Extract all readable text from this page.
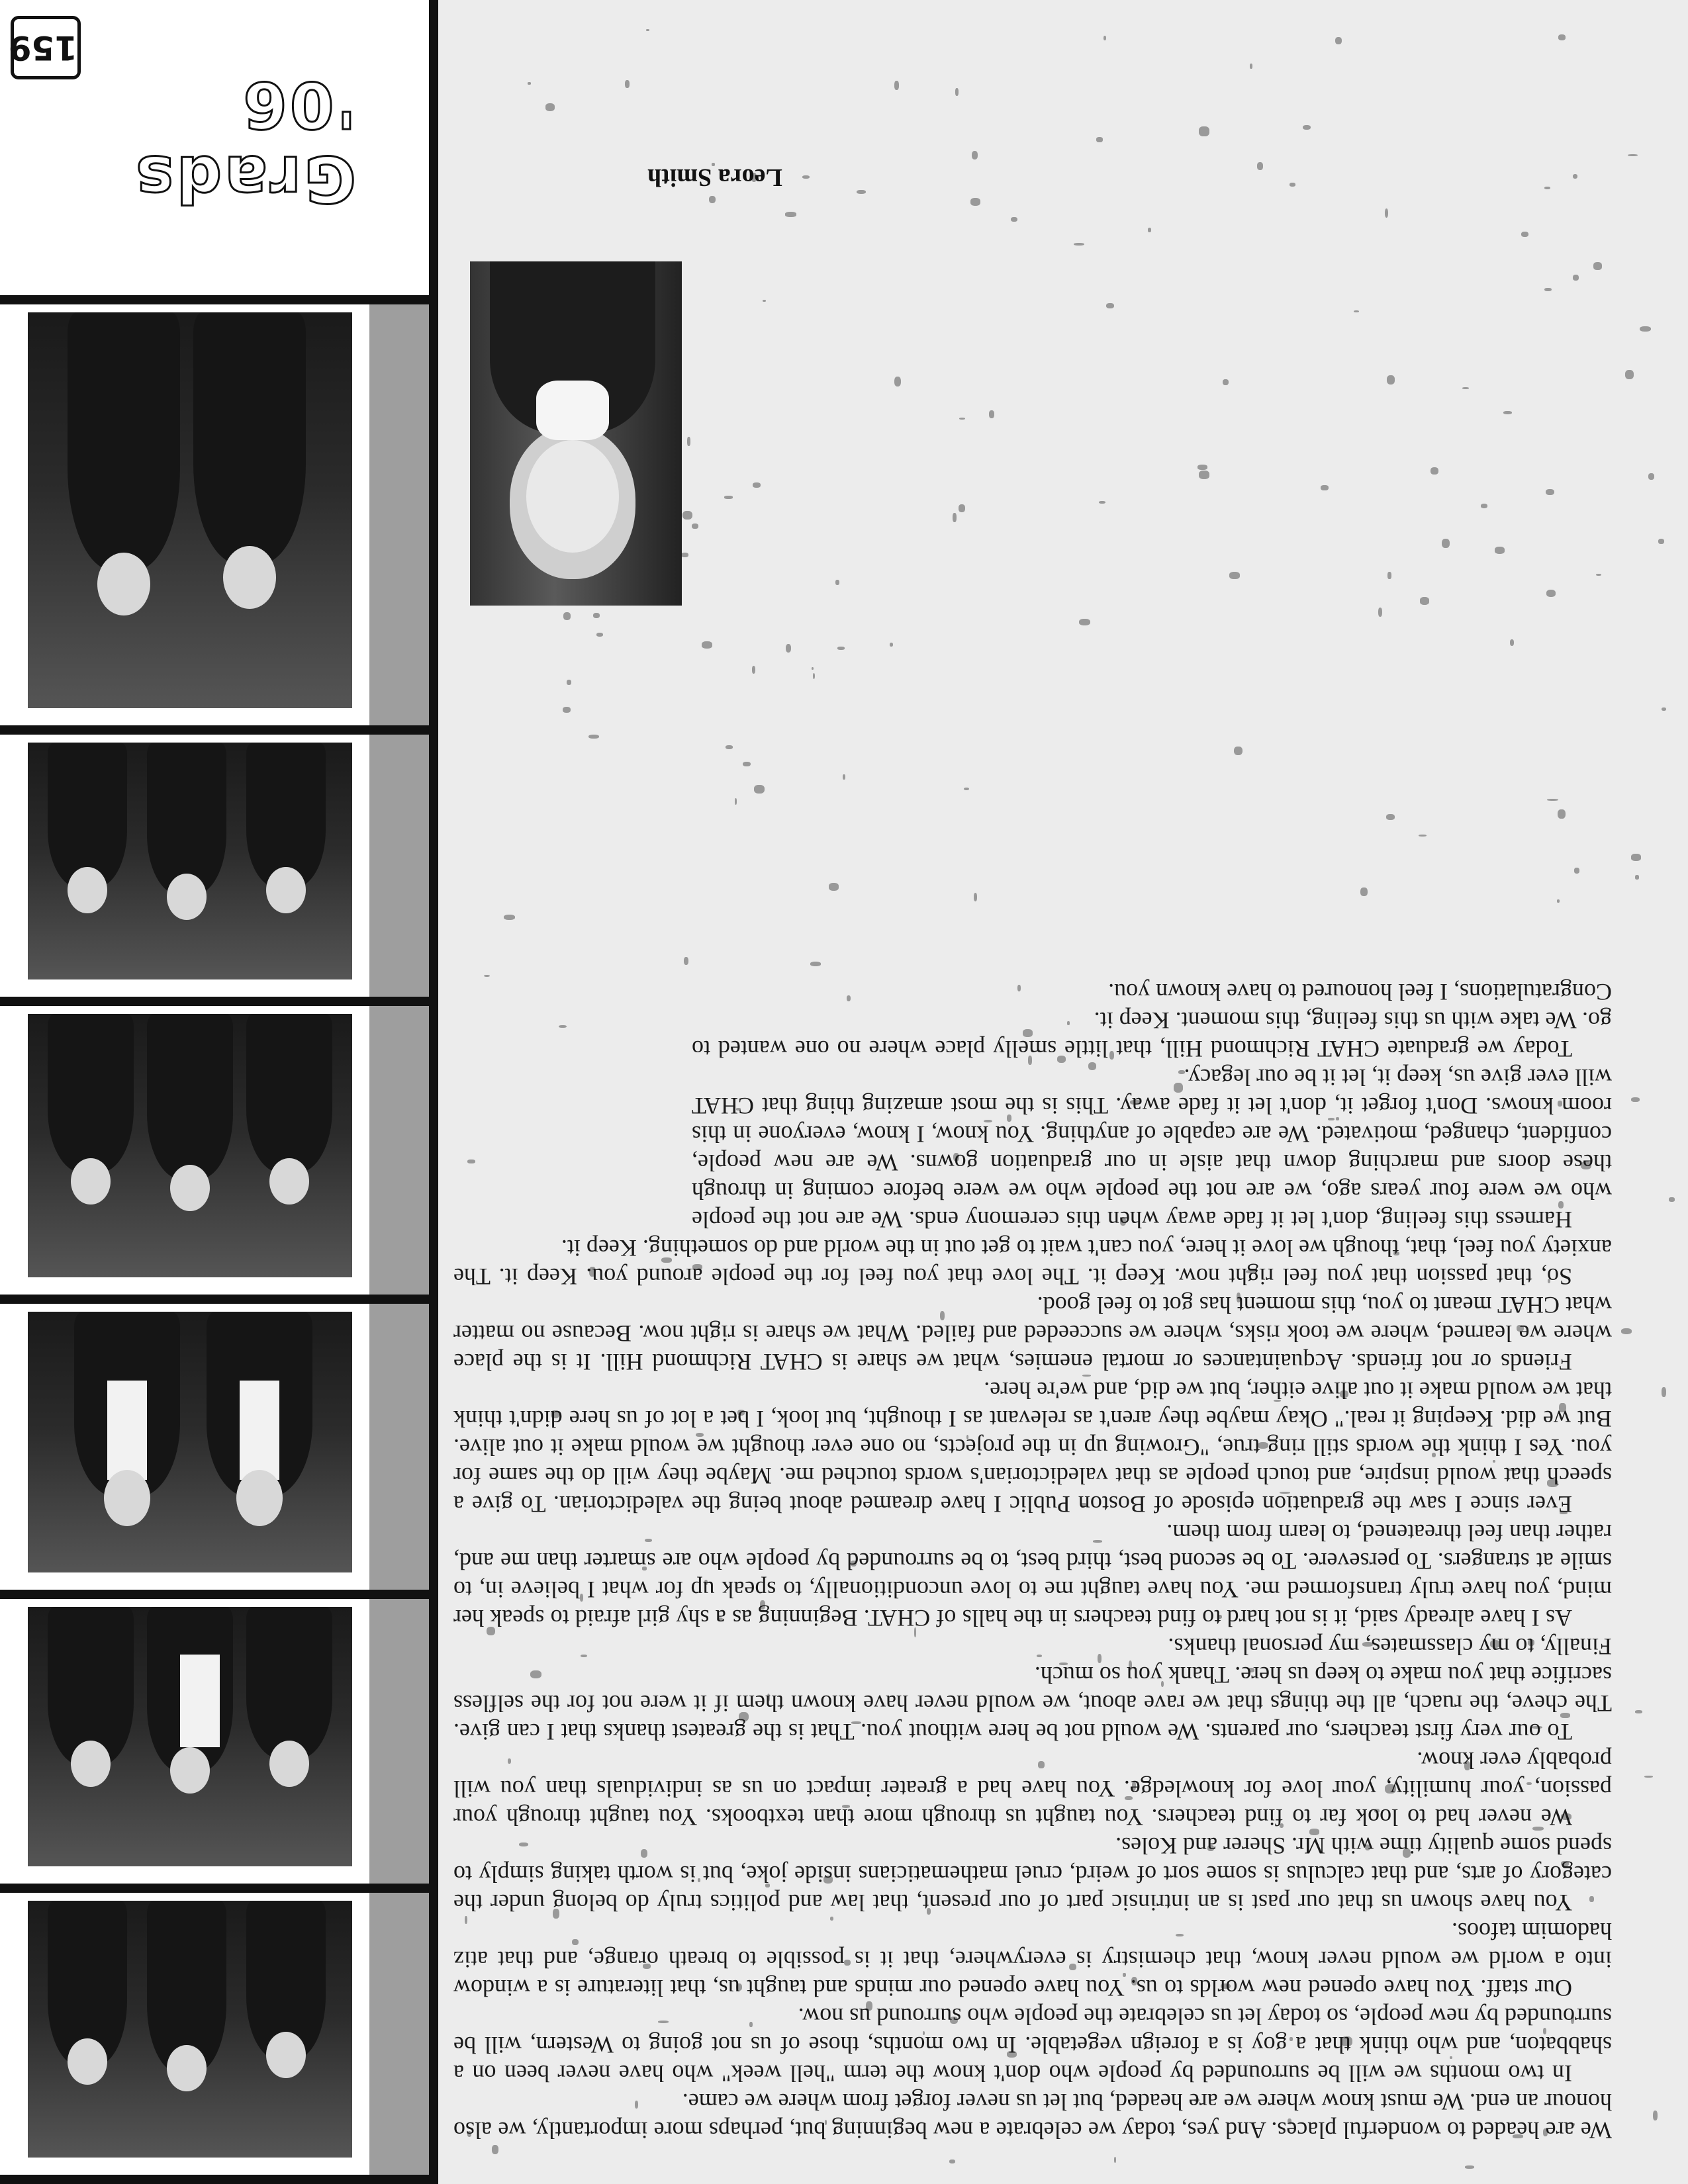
We are headed to wonderful places. And yes, today we celebrate a new beginning but, perhaps more importantly, we also honour an end. We must know where we are headed, but let us never forget from where we came.

In two months we will be surrounded by people who don't know the term "hell week" who have never been on a shabbaton, and who think that a goy is a foreign vegetable. In two months, those of us not going to Western, will be surrounded by new people, so today let us celebrate the people who surround us now.

Our staff. You have opened new worlds to us. You have opened our minds and taught us, that literature is a window into a world we would never know, that chemistry is everywhere, that it is possible to breath orange, and that atiz hadomim tafoos.

You have shown us that our past is an intrinsic part of our present, that law and politics truly do belong under the category of arts, and that calculus is some sort of weird, cruel mathematicians inside joke, but is worth taking simply to spend some quality time with Mr. Sherer and Koles.

We never had to look far to find teachers. You taught us through more than textbooks. You taught through your passion, your humility, your love for knowledge. You have had a greater impact on us as individuals than you will probably ever know.

To our very first teachers, our parents. We would not be here without you. That is the greatest thanks that I can give. The cheve, the ruach, all the things that we rave about, we would never have known them if it were not for the selfless sacrifice that you make to keep us here. Thank you so much.

Finally, to my classmates, my personal thanks.

As I have already said, it is not hard to find teachers in the halls of CHAT. Beginning as a shy girl afraid to speak her mind, you have truly transformed me. You have taught me to love unconditionally, to speak up for what I believe in, to smile at strangers. To persevere. To be second best, third best, to be surrounded by people who are smarter than me and, rather than feel threatened, to learn from them.

Ever since I saw the graduation episode of Boston Public I have dreamed about being the valedictorian. To give a speech that would inspire, and touch people as that valedictorian's words touched me. Maybe they will do the same for you. Yes I think the words still ring true, "Growing up in the projects, no one ever thought we would make it out alive. But we did. Keeping it real." Okay maybe they aren't as relevant as I thought, but look, I bet a lot of us here didn't think that we would make it out alive either, but we did, and we're here.

Friends or not friends. Acquaintances or mortal enemies, what we share is CHAT Richmond Hill. It is the place where we learned, where we took risks, where we succeeded and failed. What we share is right now. Because no matter what CHAT meant to you, this moment has got to feel good.

So, that passion that you feel right now. Keep it. The love that you feel for the people around you. Keep it. The anxiety you feel, that, though we love it here, you can't wait to get out in the world and do something. Keep it.

Harness this feeling, don't let it fade away when this ceremony ends. We are not the people who we were four years ago, we are not the people who we were before coming in through these doors and marching down that aisle in our graduation gowns. We are new people, confident, changed, motivated. We are capable of anything. You know, I know, everyone in this room knows. Don't forget it, don't let it fade away. This is the most amazing thing that CHAT will ever give us, keep it, let it be our legacy.

Today we graduate CHAT Richmond Hill, that little smelly place where no one wanted to go. We take with us this feeling, this moment. Keep it.

Congratulations, I feel honoured to have known you.

Leora Smith
Grads '06
159
